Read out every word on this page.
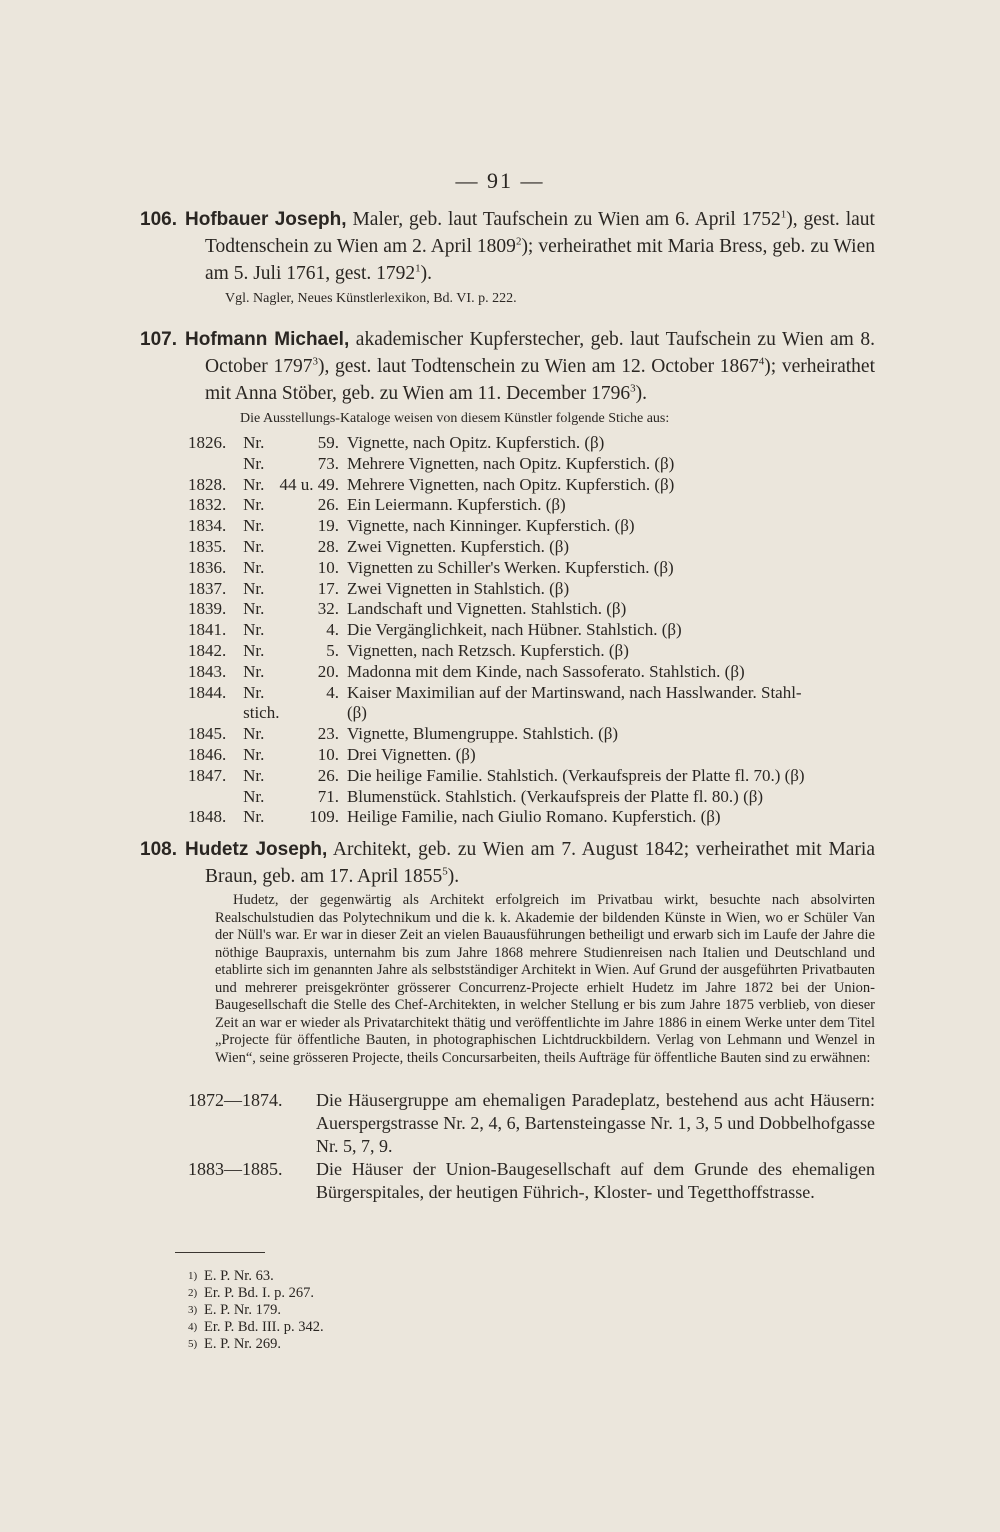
— 91 —
106. Hofbauer Joseph, Maler, geb. laut Taufschein zu Wien am 6. April 1752$^1$), gest. laut Todtenschein zu Wien am 2. April 1809$^2$); verheirathet mit Maria Bress, geb. zu Wien am 5. Juli 1761, gest. 1792$^1$).
Vgl. Nagler, Neues Künstlerlexikon, Bd. VI. p. 222.
107. Hofmann Michael, akademischer Kupferstecher, geb. laut Taufschein zu Wien am 8. October 1797$^3$), gest. laut Todtenschein zu Wien am 12. October 1867$^4$); verheirathet mit Anna Stöber, geb. zu Wien am 11. December 1796$^3$).
Die Ausstellungs-Kataloge weisen von diesem Künstler folgende Stiche aus:
1826.	Nr.	59.	Vignette, nach Opitz. Kupferstich. (β)
	Nr.	73.	Mehrere Vignetten, nach Opitz. Kupferstich. (β)
1828.	Nr.	44 u. 49.	Mehrere Vignetten, nach Opitz. Kupferstich. (β)
1832.	Nr.	26.	Ein Leiermann. Kupferstich. (β)
1834.	Nr.	19.	Vignette, nach Kinninger. Kupferstich. (β)
1835.	Nr.	28.	Zwei Vignetten. Kupferstich. (β)
1836.	Nr.	10.	Vignetten zu Schiller's Werken. Kupferstich. (β)
1837.	Nr.	17.	Zwei Vignetten in Stahlstich. (β)
1839.	Nr.	32.	Landschaft und Vignetten. Stahlstich. (β)
1841.	Nr.	4.	Die Vergänglichkeit, nach Hübner. Stahlstich. (β)
1842.	Nr.	5.	Vignetten, nach Retzsch. Kupferstich. (β)
1843.	Nr.	20.	Madonna mit dem Kinde, nach Sassoferato. Stahlstich. (β)
1844.	Nr.	4.	Kaiser Maximilian auf der Martinswand, nach Hasslwander. Stahl-
	stich.		(β)
1845.	Nr.	23.	Vignette, Blumengruppe. Stahlstich. (β)
1846.	Nr.	10.	Drei Vignetten. (β)
1847.	Nr.	26.	Die heilige Familie. Stahlstich. (Verkaufspreis der Platte fl. 70.) (β)
	Nr.	71.	Blumenstück. Stahlstich. (Verkaufspreis der Platte fl. 80.) (β)
1848.	Nr.	109.	Heilige Familie, nach Giulio Romano. Kupferstich. (β)
108. Hudetz Joseph, Architekt, geb. zu Wien am 7. August 1842; verheirathet mit Maria Braun, geb. am 17. April 1855$^5$).
Hudetz, der gegenwärtig als Architekt erfolgreich im Privatbau wirkt, besuchte nach absolvirten Realschulstudien das Polytechnikum und die k. k. Akademie der bildenden Künste in Wien, wo er Schüler Van der Nüll's war. Er war in dieser Zeit an vielen Bauausführungen betheiligt und erwarb sich im Laufe der Jahre die nöthige Baupraxis, unternahm bis zum Jahre 1868 mehrere Studienreisen nach Italien und Deutschland und etablirte sich im genannten Jahre als selbstständiger Architekt in Wien. Auf Grund der ausgeführten Privatbauten und mehrerer preisgekrönter grösserer Concurrenz-Projecte erhielt Hudetz im Jahre 1872 bei der Union-Baugesellschaft die Stelle des Chef-Architekten, in welcher Stellung er bis zum Jahre 1875 verblieb, von dieser Zeit an war er wieder als Privatarchitekt thätig und veröffentlichte im Jahre 1886 in einem Werke unter dem Titel „Projecte für öffentliche Bauten, in photographischen Lichtdruckbildern. Verlag von Lehmann und Wenzel in Wien“, seine grösseren Projecte, theils Concursarbeiten, theils Aufträge für öffentliche Bauten sind zu erwähnen:
1872—1874.	Die Häusergruppe am ehemaligen Paradeplatz, bestehend aus acht Häusern: Auerspergstrasse Nr. 2, 4, 6, Bartensteingasse Nr. 1, 3, 5 und Dobbelhofgasse Nr. 5, 7, 9.
1883—1885.	Die Häuser der Union-Baugesellschaft auf dem Grunde des ehemaligen Bürgerspitales, der heutigen Führich-, Kloster- und Tegetthoffstrasse.
1) E. P. Nr. 63.
2) Er. P. Bd. I. p. 267.
3) E. P. Nr. 179.
4) Er. P. Bd. III. p. 342.
5) E. P. Nr. 269.
